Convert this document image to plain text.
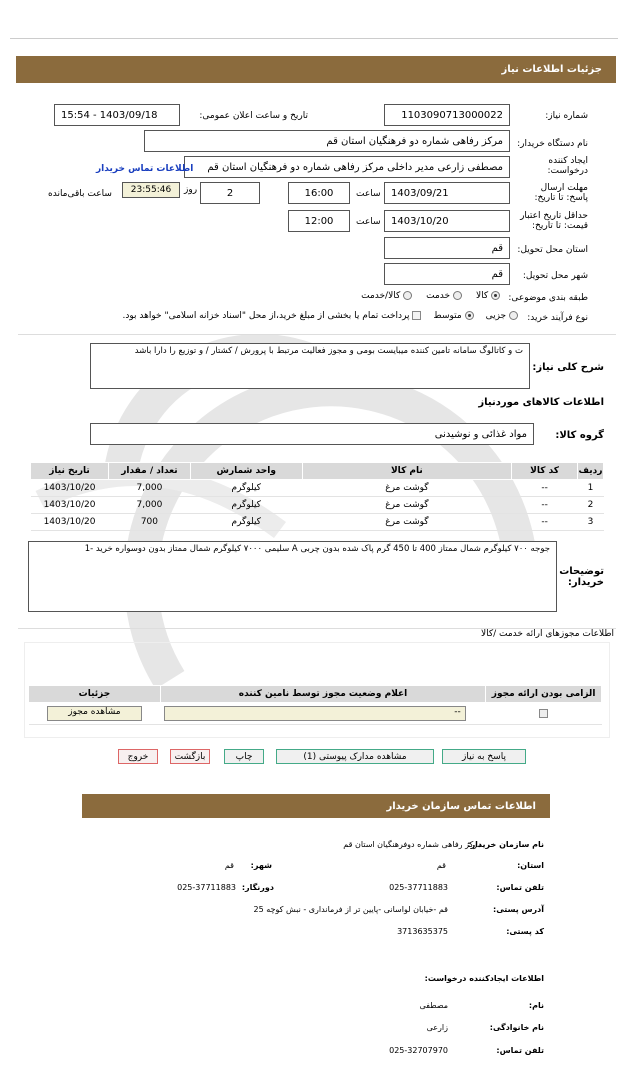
جزئیات اطلاعات نیاز
شماره نیاز:
1103090713000022
تاریخ و ساعت اعلان عمومی:
1403/09/18 - 15:54
نام دستگاه خریدار:
مرکز رفاهی شماره دو فرهنگیان استان قم
ایجاد کننده درخواست:
مصطفی زارعی مدیر داخلی مرکز رفاهی شماره دو فرهنگیان استان قم
اطلاعات تماس خریدار
مهلت ارسال پاسخ: تا تاریخ:
1403/09/21
ساعت
16:00
2
روز
23:55:46
ساعت باقی‌مانده
حداقل تاریخ اعتبار قیمت: تا تاریخ:
1403/10/20
ساعت
12:00
استان محل تحویل:
قم
شهر محل تحویل:
قم
طبقه بندی موضوعی:
کالا
خدمت
کالا/خدمت
نوع فرآیند خرید:
جزیی
متوسط
پرداخت تمام یا بخشی از مبلغ خرید،از محل "اسناد خزانه اسلامی" خواهد بود.
شرح کلی نیاز:
ت و کاتالوگ سامانه تامین کننده میبایست بومی و مجوز فعالیت مرتبط با پرورش / کشتار / و توزیع را دارا باشد
اطلاعات کالاهای موردنیاز
گروه کالا:
مواد غذائی و نوشیدنی
ردیف	کد کالا	نام کالا	واحد شمارش	تعداد / مقدار	تاریخ نیاز
1	--	گوشت مرغ	کیلوگرم	7,000	1403/10/20
2	--	گوشت مرغ	کیلوگرم	7,000	1403/10/20
3	--	گوشت مرغ	کیلوگرم	700	1403/10/20
توضیحات خریدار:
جوجه ۷۰۰ کیلوگرم شمال ممتاز 400 تا 450 گرم پاک شده بدون چربی A سلیمی ۷۰۰۰ کیلوگرم شمال ممتاز بدون دوسواره خرید -1
اطلاعات مجوزهای ارائه خدمت /کالا
الزامی بودن ارائه مجوز	اعلام وضعیت مجوز توسط نامین کننده	جزئیات

	--	مشاهده مجوز
پاسخ به نیاز
مشاهده مدارک پیوستی (1)
چاپ
بازگشت
خروج
اطلاعات تماس سازمان خریدار
نام سازمان خریدار:
مرکز رفاهی شماره دوفرهنگیان استان قم
استان:
قم
شهر:
قم
تلفن تماس:
025-37711883
دورنگار:
025-37711883
آدرس پستی:
قم -خیابان لواسانی -پایین تر از فرمانداری - نبش کوچه 25
کد پستی:
3713635375
اطلاعات ایجادکننده درخواست:
نام:
مصطفی
نام خانوادگی:
زارعی
تلفن تماس:
025-32707970
